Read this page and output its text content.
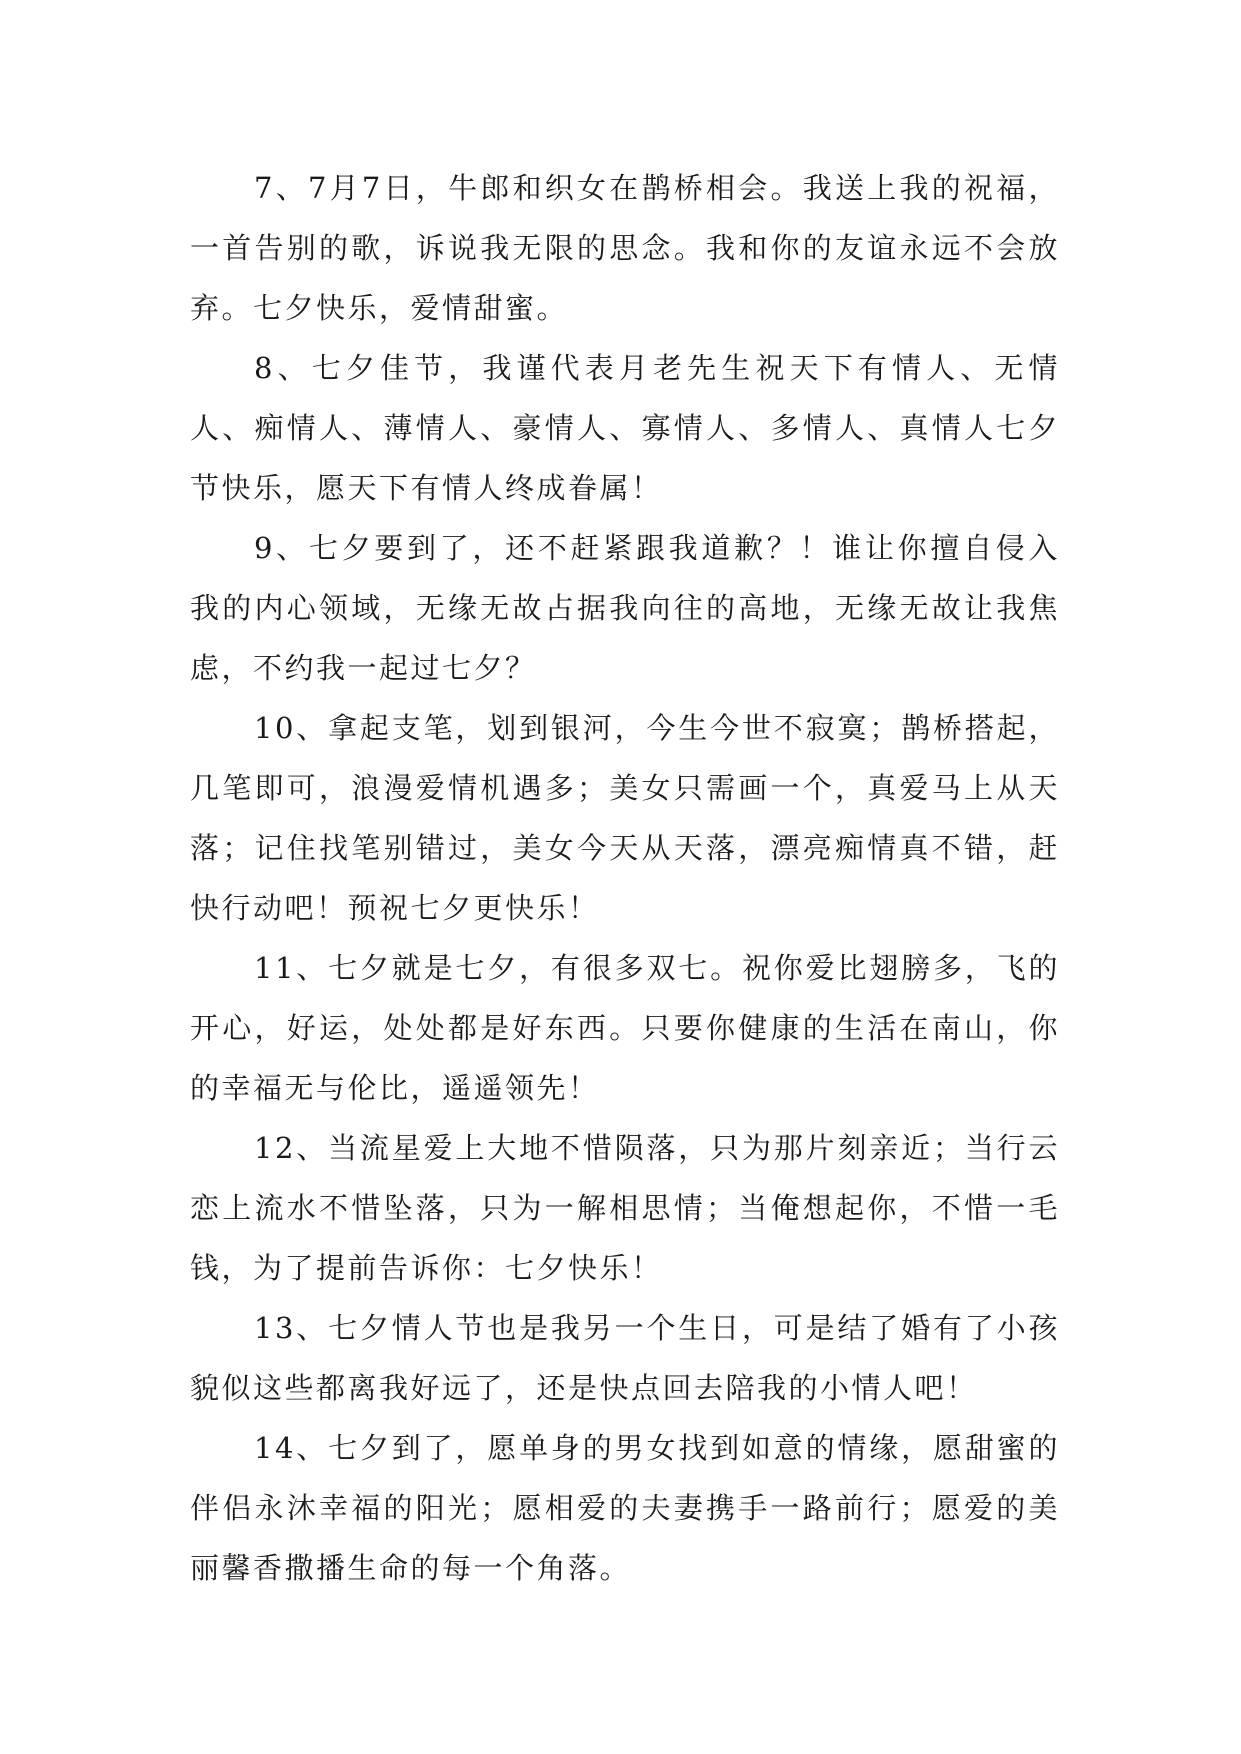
7、7月7日，牛郎和织女在鹊桥相会。我送上我的祝福，一首告别的歌，诉说我无限的思念。我和你的友谊永远不会放弃。七夕快乐，爱情甜蜜。

8、七夕佳节，我谨代表月老先生祝天下有情人、无情人、痴情人、薄情人、豪情人、寡情人、多情人、真情人七夕节快乐，愿天下有情人终成眷属！

9、七夕要到了，还不赶紧跟我道歉？！谁让你擅自侵入我的内心领域，无缘无故占据我向往的高地，无缘无故让我焦虑，不约我一起过七夕？

10、拿起支笔，划到银河，今生今世不寂寞；鹊桥搭起，几笔即可，浪漫爱情机遇多；美女只需画一个，真爱马上从天落；记住找笔别错过，美女今天从天落，漂亮痴情真不错，赶快行动吧！预祝七夕更快乐！

11、七夕就是七夕，有很多双七。祝你爱比翅膀多，飞的开心，好运，处处都是好东西。只要你健康的生活在南山，你的幸福无与伦比，遥遥领先！

12、当流星爱上大地不惜陨落，只为那片刻亲近；当行云恋上流水不惜坠落，只为一解相思情；当俺想起你，不惜一毛钱，为了提前告诉你：七夕快乐！

13、七夕情人节也是我另一个生日，可是结了婚有了小孩貌似这些都离我好远了，还是快点回去陪我的小情人吧！

14、七夕到了，愿单身的男女找到如意的情缘，愿甜蜜的伴侣永沐幸福的阳光；愿相爱的夫妻携手一路前行；愿爱的美丽馨香撒播生命的每一个角落。
